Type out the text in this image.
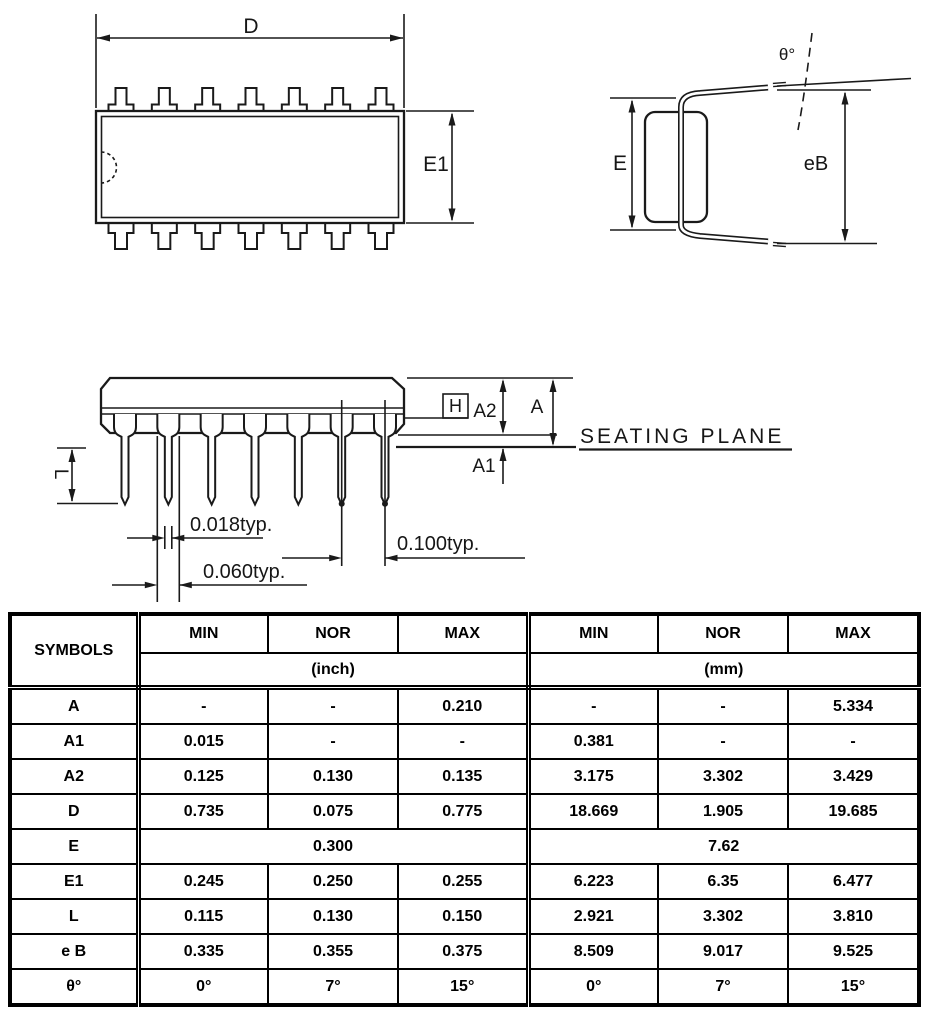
D
E1
θ°
E	eB
H A2 A
A1
SEATING PLANE
L
0.018typ.
0.060typ.
0.100typ.
SYMBOLS	MIN	NOR	MAX	MIN	NOR	MAX
	(inch)			(mm)		
A	-	-	0.210	-	-	5.334
A1	0.015	-	-	0.381	-	-
A2	0.125	0.130	0.135	3.175	3.302	3.429
D	0.735	0.075	0.775	18.669	1.905	19.685
E	0.300			7.62		
E1	0.245	0.250	0.255	6.223	6.35	6.477
L	0.115	0.130	0.150	2.921	3.302	3.810
e B	0.335	0.355	0.375	8.509	9.017	9.525
θ°	0°	7°	15°	0°	7°	15°
